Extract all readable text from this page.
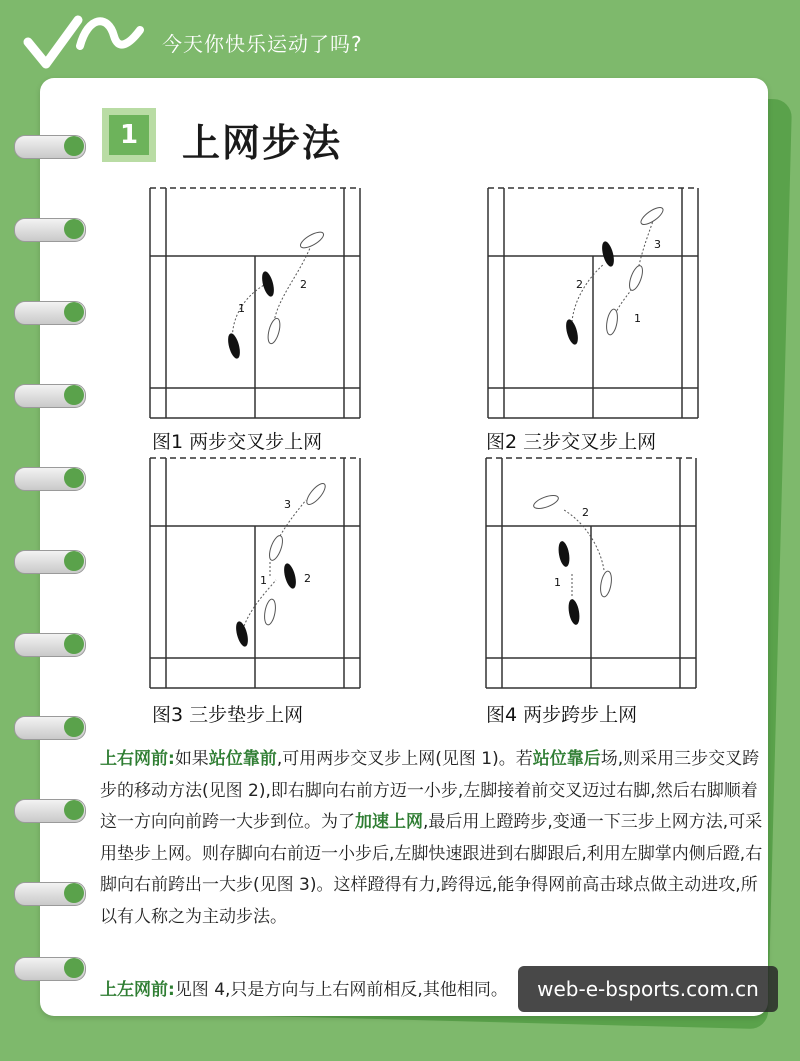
今天你快乐运动了吗?
1 上网步法
1
2
图1 两步交叉步上网
2
1
3
图2 三步交叉步上网
1	2
3
图3 三步垫步上网
1
2
图4 两步跨步上网
上右网前:如果站位靠前,可用两步交叉步上网(见图 1)。若站位靠后场,则采用三步交叉跨步的移动方法(见图 2),即右脚向右前方迈一小步,左脚接着前交叉迈过右脚,然后右脚顺着这一方向向前跨一大步到位。为了加速上网,最后用上蹬跨步,变通一下三步上网方法,可采用垫步上网。则存脚向右前迈一小步后,左脚快速跟进到右脚跟后,利用左脚掌内侧后蹬,右脚向右前跨出一大步(见图 3)。这样蹬得有力,跨得远,能争得网前高击球点做主动进攻,所以有人称之为主动步法。
上左网前:见图 4,只是方向与上右网前相反,其他相同。	web-e-bsports.com.cn
